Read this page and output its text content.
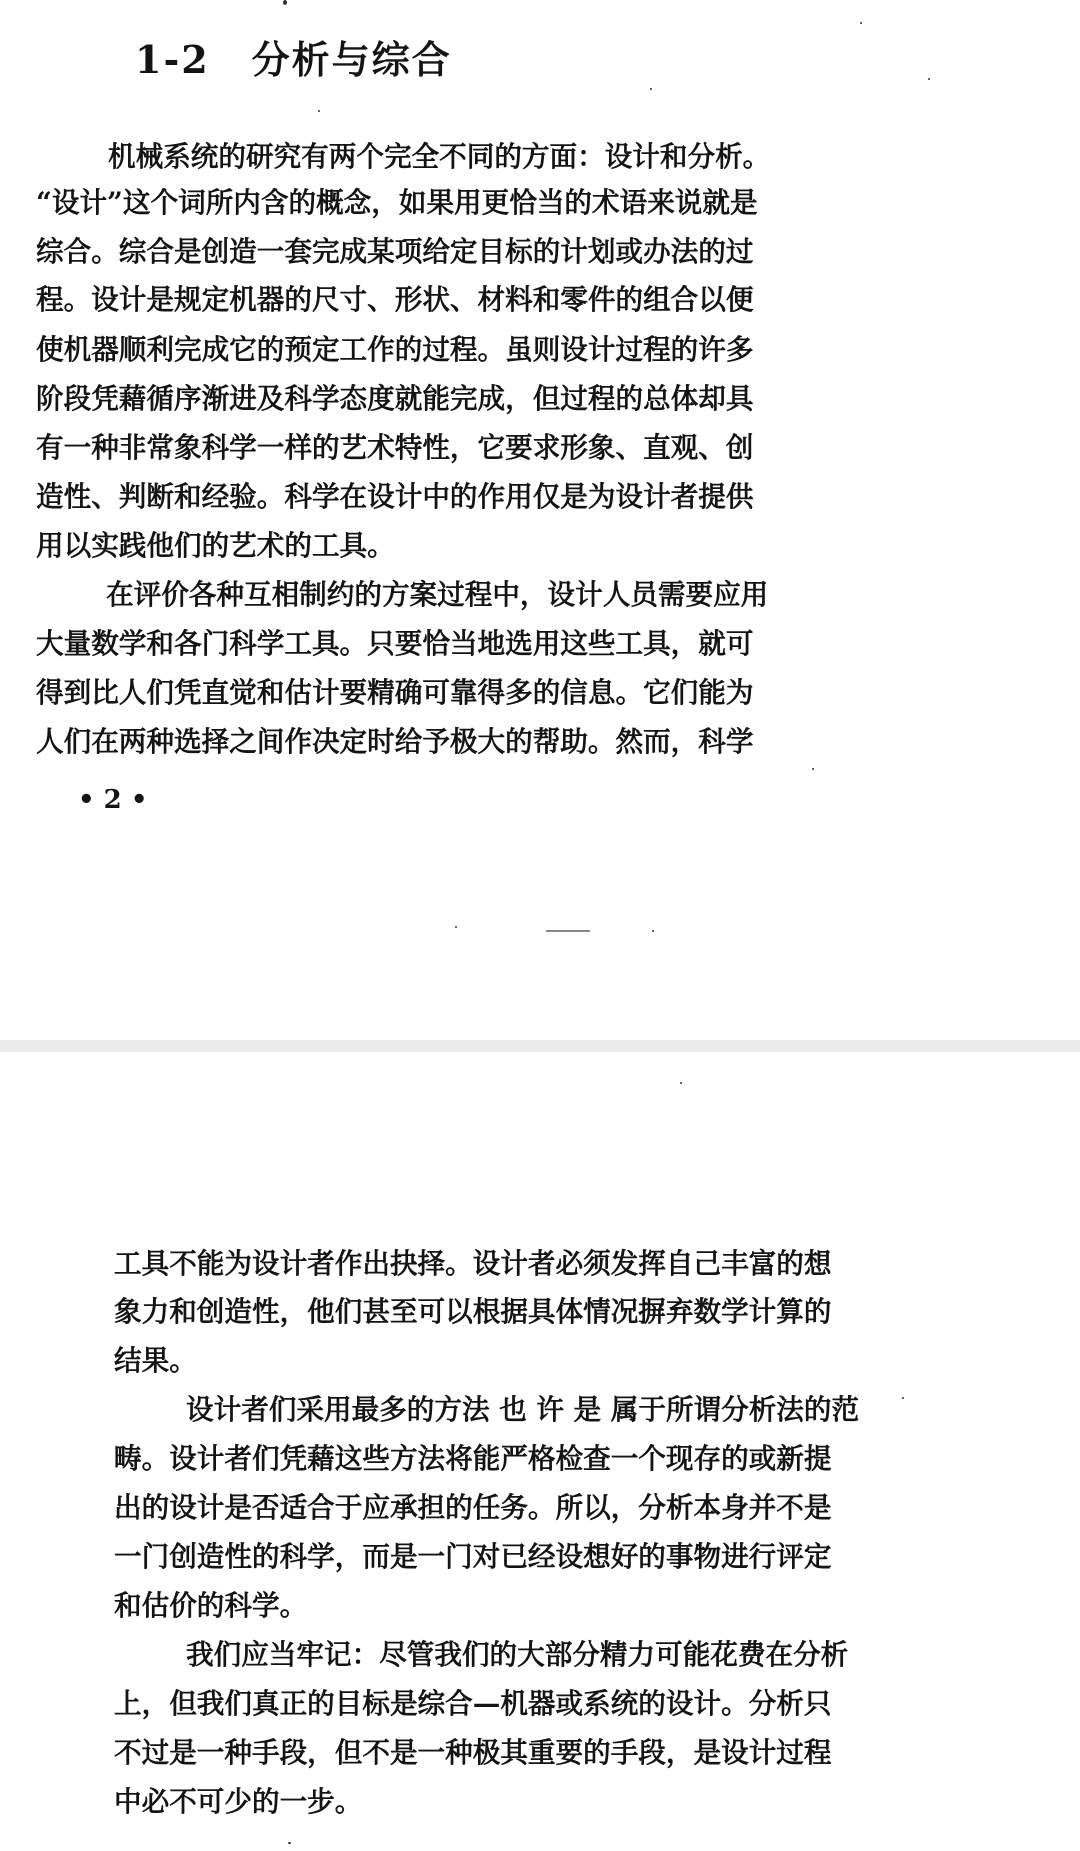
1-2 分析与综合
机械系统的研究有两个完全不同的方面：设计和分析。
“设计”这个词所内含的概念，如果用更恰当的术语来说就是
综合。综合是创造一套完成某项给定目标的计划或办法的过
程。设计是规定机器的尺寸、形状、材料和零件的组合以便
使机器顺利完成它的预定工作的过程。虽则设计过程的许多
阶段凭藉循序渐进及科学态度就能完成，但过程的总体却具
有一种非常象科学一样的艺术特性，它要求形象、直观、创
造性、判断和经验。科学在设计中的作用仅是为设计者提供
用以实践他们的艺术的工具。
在评价各种互相制约的方案过程中，设计人员需要应用
大量数学和各门科学工具。只要恰当地选用这些工具，就可
得到比人们凭直觉和估计要精确可靠得多的信息。它们能为
人们在两种选择之间作决定时给予极大的帮助。然而，科学
• 2 •
工具不能为设计者作出抉择。设计者必须发挥自己丰富的想
象力和创造性，他们甚至可以根据具体情况摒弃数学计算的
结果。
设计者们采用最多的方法 也 许 是 属于所谓分析法的范
畴。设计者们凭藉这些方法将能严格检查一个现存的或新提
出的设计是否适合于应承担的任务。所以，分析本身并不是
一门创造性的科学，而是一门对已经设想好的事物进行评定
和估价的科学。
我们应当牢记：尽管我们的大部分精力可能花费在分析
上，但我们真正的目标是综合—机器或系统的设计。分析只
不过是一种手段，但不是一种极其重要的手段，是设计过程
中必不可少的一步。
